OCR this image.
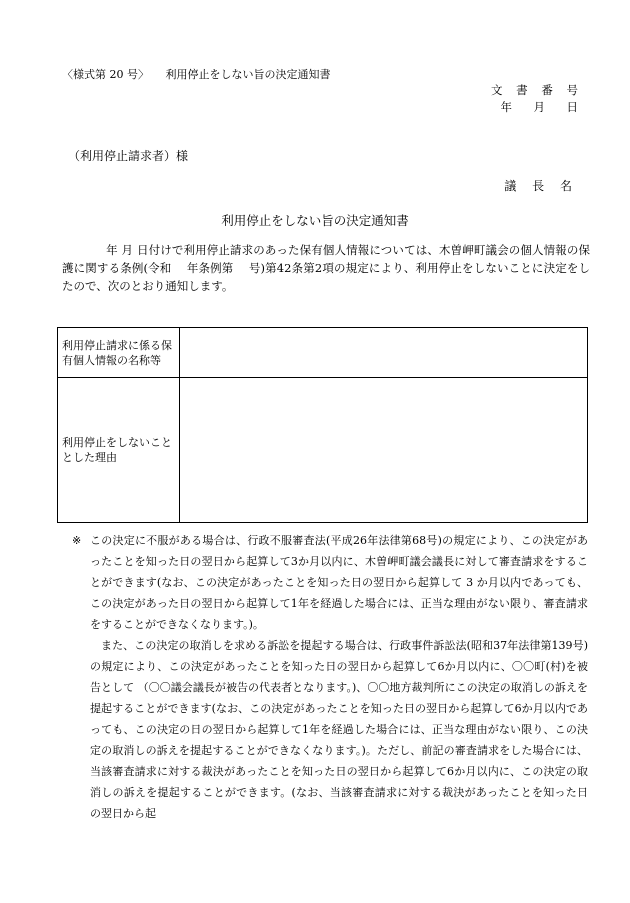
〈様式第 20 号〉　　利用停止をしない旨の決定通知書
文 書 番 号
年　月　日
（利用停止請求者）様
議 長 名
利用停止をしない旨の決定通知書
年 月 日付けで利用停止請求のあった保有個人情報については、木曽岬町議会の個人情報の保護に関する条例(令和　 年条例第　 号)第42条第2項の規定により、利用停止をしないことに決定をしたので、次のとおり通知します。
利用停止請求に係る保有個人情報の名称等	
利用停止をしないこととした理由	
※ この決定に不服がある場合は、行政不服審査法(平成26年法律第68号)の規定により、この決定があったことを知った日の翌日から起算して3か月以内に、木曽岬町議会議長に対して審査請求をすることができます(なお、この決定があったことを知った日の翌日から起算して 3 か月以内であっても、この決定があった日の翌日から起算して1年を経過した場合には、正当な理由がない限り、審査請求をすることができなくなります。)。

また、この決定の取消しを求める訴訟を提起する場合は、行政事件訴訟法(昭和37年法律第139号)の規定により、この決定があったことを知った日の翌日から起算して6か月以内に、〇〇町(村)を被告として （〇〇議会議長が被告の代表者となります。)、〇〇地方裁判所にこの決定の取消しの訴えを提起することができます(なお、この決定があったことを知った日の翌日から起算して6か月以内であっても、この決定の日の翌日から起算して1年を経過した場合には、正当な理由がない限り、この決定の取消しの訴えを提起することができなくなります。)。ただし、前記の審査請求をした場合には、当該審査請求に対する裁決があったことを知った日の翌日から起算して6か月以内に、この決定の取消しの訴えを提起することができます。(なお、当該審査請求に対する裁決があったことを知った日の翌日から起
